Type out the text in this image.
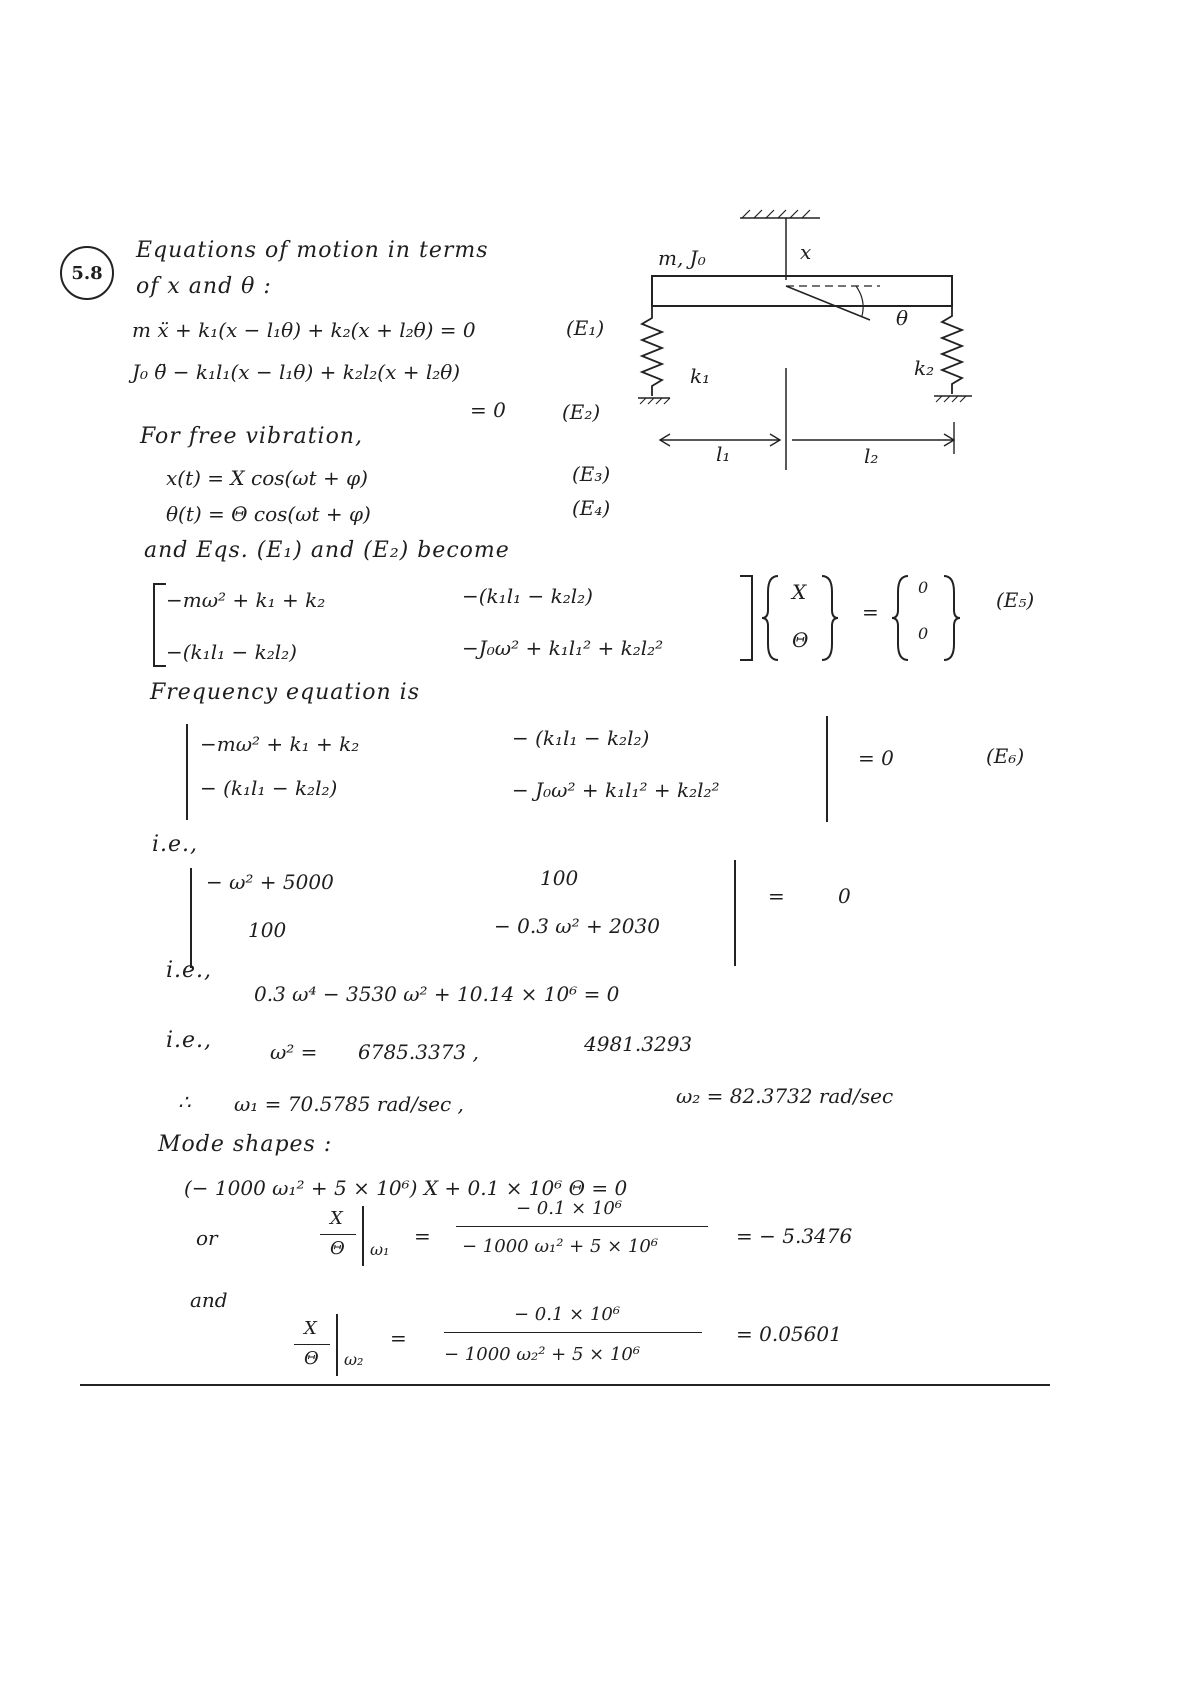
5.8
Equations of motion in terms
of x and θ :
m ẍ + k₁(x − l₁θ) + k₂(x + l₂θ) = 0	(E₁)
J₀ θ̈ − k₁l₁(x − l₁θ) + k₂l₂(x + l₂θ)
= 0	(E₂)
For free vibration,
x(t) = X cos(ωt + φ)	(E₃)
θ(t) = Θ cos(ωt + φ)	(E₄)
and Eqs. (E₁) and (E₂) become
−mω² + k₁ + k₂	−(k₁l₁ − k₂l₂)
−(k₁l₁ − k₂l₂)	−J₀ω² + k₁l₁² + k₂l₂²
X
Θ
=
0
0
(E₅)
Frequency equation is
−mω² + k₁ + k₂	− (k₁l₁ − k₂l₂)
− (k₁l₁ − k₂l₂)	− J₀ω² + k₁l₁² + k₂l₂²
= 0	(E₆)
i.e.,
− ω² + 5000	100
100	− 0.3 ω² + 2030
=	0
i.e.,
0.3 ω⁴ − 3530 ω² + 10.14 × 10⁶ = 0
i.e.,	ω² = 6785.3373 ,	4981.3293
∴ ω₁ = 70.5785 rad/sec ,	ω₂ = 82.3732 rad/sec
Mode shapes :
(− 1000 ω₁² + 5 × 10⁶) X + 0.1 × 10⁶ Θ = 0
or
X
Θ ω₁
=
− 0.1 × 10⁶
− 1000 ω₁² + 5 × 10⁶	= − 5.3476
and
X
Θ ω₂
=
− 0.1 × 10⁶
− 1000 ω₂² + 5 × 10⁶
= 0.05601
m, J₀	x
θ
k₁	k₂
l₁	l₂
